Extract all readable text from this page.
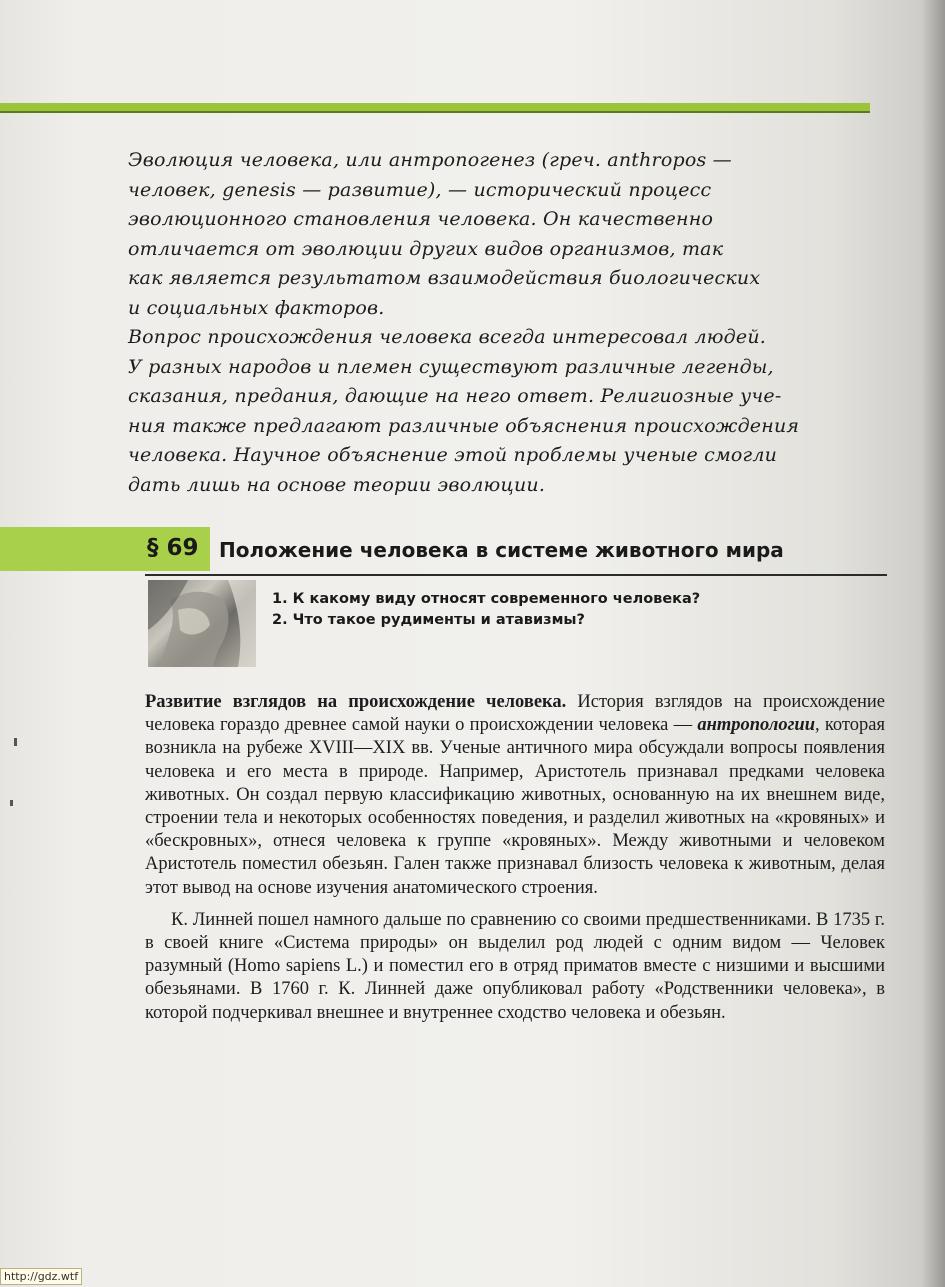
Эволюция человека, или антропогенез (греч. anthropos —
человек, genesis — развитие), — исторический процесс
эволюционного становления человека. Он качественно
отличается от эволюции других видов организмов, так
как является результатом взаимодействия биологических
и социальных факторов.

Вопрос происхождения человека всегда интересовал людей.
У разных народов и племен существуют различные легенды,
сказания, предания, дающие на него ответ. Религиозные уче-
ния также предлагают различные объяснения происхождения
человека. Научное объяснение этой проблемы ученые смогли
дать лишь на основе теории эволюции.

§ 69 Положение человека в системе животного мира
1. К какому виду относят современного человека?
2. Что такое рудименты и атавизмы?

Развитие взглядов на происхождение человека. История взглядов на происхождение человека гораздо древнее самой науки о происхождении человека — антропологии, которая возникла на рубеже XVIII—XIX вв. Ученые античного мира обсуждали вопросы появления человека и его места в природе. Например, Аристотель признавал предками человека животных. Он создал первую классификацию животных, основанную на их внешнем виде, строении тела и некоторых особенностях поведения, и разделил животных на «кровяных» и «бескровных», отнеся человека к группе «кровяных». Между животными и человеком Аристотель поместил обезьян. Гален также признавал близость человека к животным, делая этот вывод на основе изучения анатомического строения.

К. Линней пошел намного дальше по сравнению со своими предшественниками. В 1735 г. в своей книге «Система природы» он выделил род людей с одним видом — Человек разумный (Homo sapiens L.) и поместил его в отряд приматов вместе с низшими и высшими обезьянами. В 1760 г. К. Линней даже опубликовал работу «Родственники человека», в которой подчеркивал внешнее и внутреннее сходство человека и обезьян.

http://gdz.wtf
